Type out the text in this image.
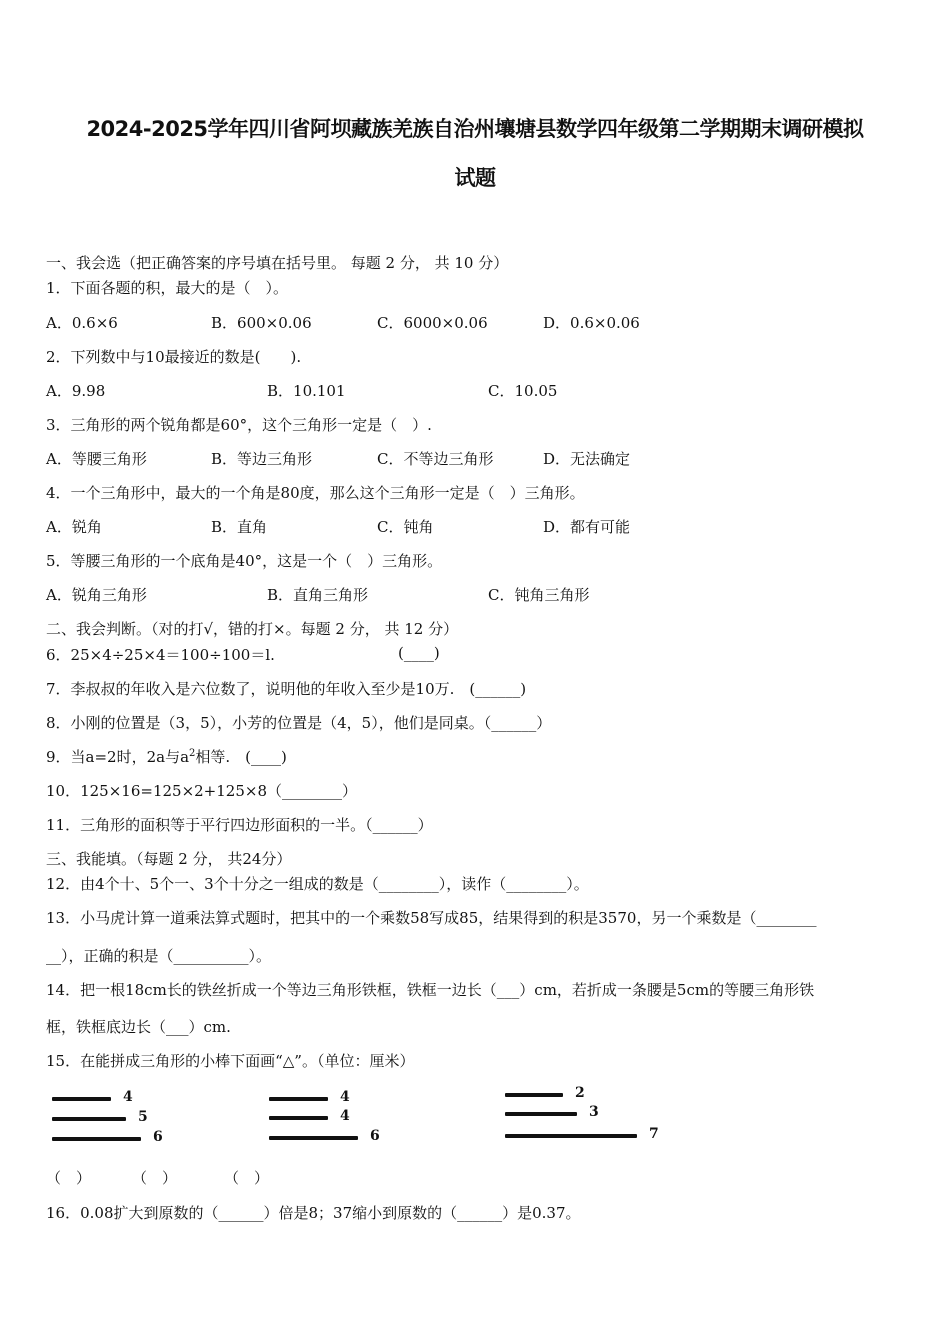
2024-2025学年四川省阿坝藏族羌族自治州壤塘县数学四年级第二学期期末调研模拟
试题
一、我会选（把正确答案的序号填在括号里。 每题 2 分， 共 10 分）
1．下面各题的积，最大的是（　）。
A．0.6×6	B．600×0.06	C．6000×0.06	D．0.6×0.06
2．下列数中与10最接近的数是(　　).
A．9.98	B．10.101	C．10.05
3．三角形的两个锐角都是60°，这个三角形一定是（　）.
A．等腰三角形	B．等边三角形	C．不等边三角形	D．无法确定
4．一个三角形中，最大的一个角是80度，那么这个三角形一定是（　）三角形。
A．锐角	B．直角	C．钝角	D．都有可能
5．等腰三角形的一个底角是40°，这是一个（　）三角形。
A．锐角三角形	B．直角三角形	C．钝角三角形
二、我会判断。（对的打√，错的打×。每题 2 分， 共 12 分）
6．25×4÷25×4＝100÷100＝l.	(____)
7．李叔叔的年收入是六位数了，说明他的年收入至少是10万.　(______)
8．小刚的位置是（3，5），小芳的位置是（4，5），他们是同桌。（______）
9．当a=2时，2a与$a^2$相等.　(____)
10．125×16=125×2+125×8（________）
11．三角形的面积等于平行四边形面积的一半。（______）
三、我能填。（每题 2 分， 共24分）
12．由4个十、5个一、3个十分之一组成的数是（________），读作（________）。
13．小马虎计算一道乘法算式题时，把其中的一个乘数58写成85，结果得到的积是3570，另一个乘数是（________
__），正确的积是（__________）。
14．把一根18cm长的铁丝折成一个等边三角形铁框，铁框一边长（___）cm，若折成一条腰是5cm的等腰三角形铁
框，铁框底边长（___）cm.
15．在能拼成三角形的小棒下面画“△”。（单位：厘米）
4
5
6
4
4
6
2
3
7
（　）	（　）	（　）
16．0.08扩大到原数的（______）倍是8；37缩小到原数的（______）是0.37。
